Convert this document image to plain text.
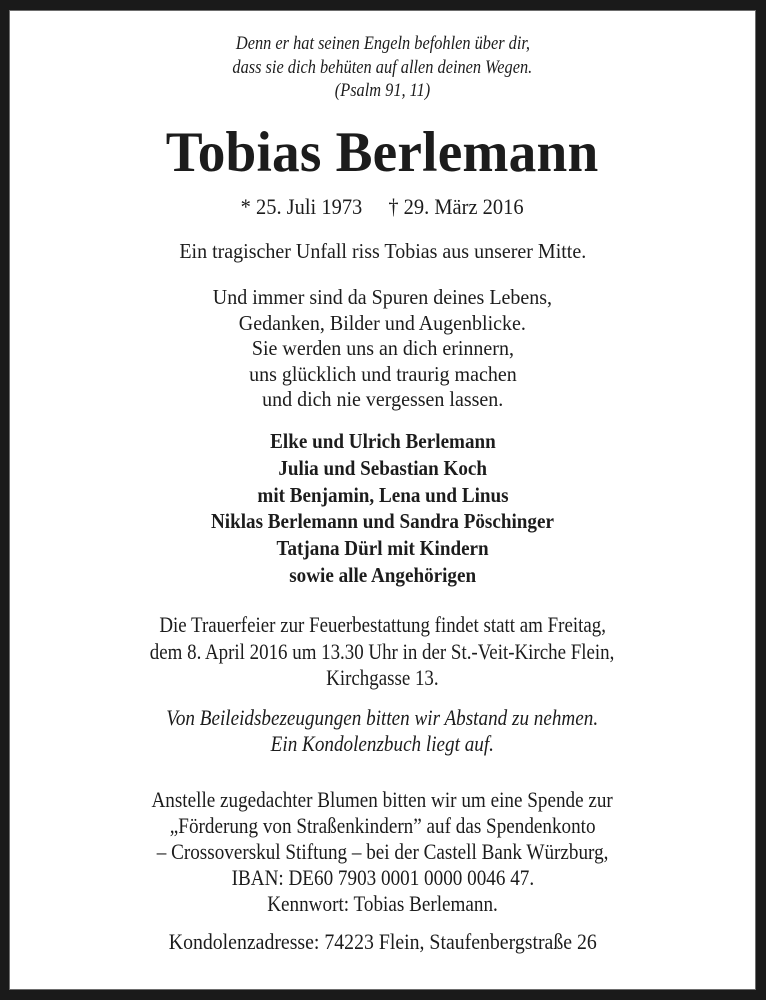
Denn er hat seinen Engeln befohlen über dir,
dass sie dich behüten auf allen deinen Wegen.
(Psalm 91, 11)
Tobias Berlemann
* 25. Juli 1973 † 29. März 2016
Ein tragischer Unfall riss Tobias aus unserer Mitte.
Und immer sind da Spuren deines Lebens,
Gedanken, Bilder und Augenblicke.
Sie werden uns an dich erinnern,
uns glücklich und traurig machen
und dich nie vergessen lassen.
Elke und Ulrich Berlemann
Julia und Sebastian Koch
mit Benjamin, Lena und Linus
Niklas Berlemann und Sandra Pöschinger
Tatjana Dürl mit Kindern
sowie alle Angehörigen
Die Trauerfeier zur Feuerbestattung findet statt am Freitag,
dem 8. April 2016 um 13.30 Uhr in der St.-Veit-Kirche Flein,
Kirchgasse 13.
Von Beileidsbezeugungen bitten wir Abstand zu nehmen.
Ein Kondolenzbuch liegt auf.
Anstelle zugedachter Blumen bitten wir um eine Spende zur
„Förderung von Straßenkindern” auf das Spendenkonto
– Crossoverskul Stiftung – bei der Castell Bank Würzburg,
IBAN: DE60 7903 0001 0000 0046 47.
Kennwort: Tobias Berlemann.
Kondolenzadresse: 74223 Flein, Staufenbergstraße 26
